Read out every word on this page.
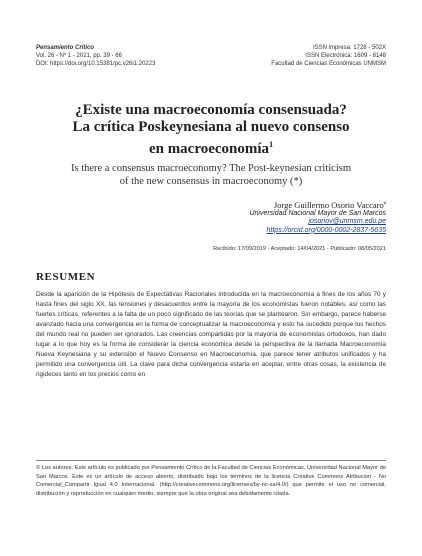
Pensamiento Crítico
Vol. 26 - Nº 1 - 2021, pp. 39 - 66
DOI: https://doi.org/10.15381/pc.v26i1.20223
ISSN impresa: 1728 - 502X
ISSN Electrónica: 1609 - 8148
Facultad de Ciencias Económicas UNMSM
¿Existe una macroeconomía consensuada?
La crítica Poskeynesiana al nuevo consenso
en macroeconomía$^1$
Is there a consensus macroeconomy? The Post-keynesian criticism
of the new consensus in macroeconomy (*)
Jorge Guillermo Osorio Vaccaro$^a$
Universidad Nacional Mayor de San Marcos
josoriov@unmsm.edu.pe
https://orcid.org/0000-0002-2837-5635
Recibido: 17/09/2019 - Aceptado: 14/04/2021 - Publicado: 08/05/2021
RESUMEN

Desde la aparición de la Hipótesis de Expectativas Racionales introducida en la macroeconomía a fines de los años 70 y hasta fines del siglo XX, las tensiones y desacuerdos entre la mayoría de los economistas fueron notables, así como las fuertes críticas, referentes a la falta de un poco significado de las teorías que se plantearon. Sin embargo, parece haberse avanzado hacia una convergencia en la forma de conceptualizar la macroeconomía y esto ha sucedido porque los hechos del mundo real no pueden ser ignorados. Las creencias compartidas por la mayoría de economistas ortodoxos, han dado lugar a lo que hoy es la forma de considerar la ciencia económica desde la perspectiva de la llamada Macroeconomía Nueva Keynesiana y su extensión el Nuevo Consenso en Macroeconomía, que parece tener atributos unificados y ha permitido una convergencia útil. La clave para dicha convergencia estaría en aceptar, entre otras cosas, la existencia de rigideces tanto en los precios como en

© Los autores. Este artículo es publicado por Pensamiento Crítico de la Facultad de Ciencias Económicas, Universidad Nacional Mayor de San Marcos. Este es un artículo de acceso abierto, distribuido bajo los términos de la licencia Creative Commons Atribucion - No Comercial_Compartir Igual 4.0 Internacional. (http://creativecommons.org/licenses/by-nc-sa/4.0/) que permite el uso no comercial, distribución y reproducción en cualquier medio, siempre que la obra original sea debidamente citada.
